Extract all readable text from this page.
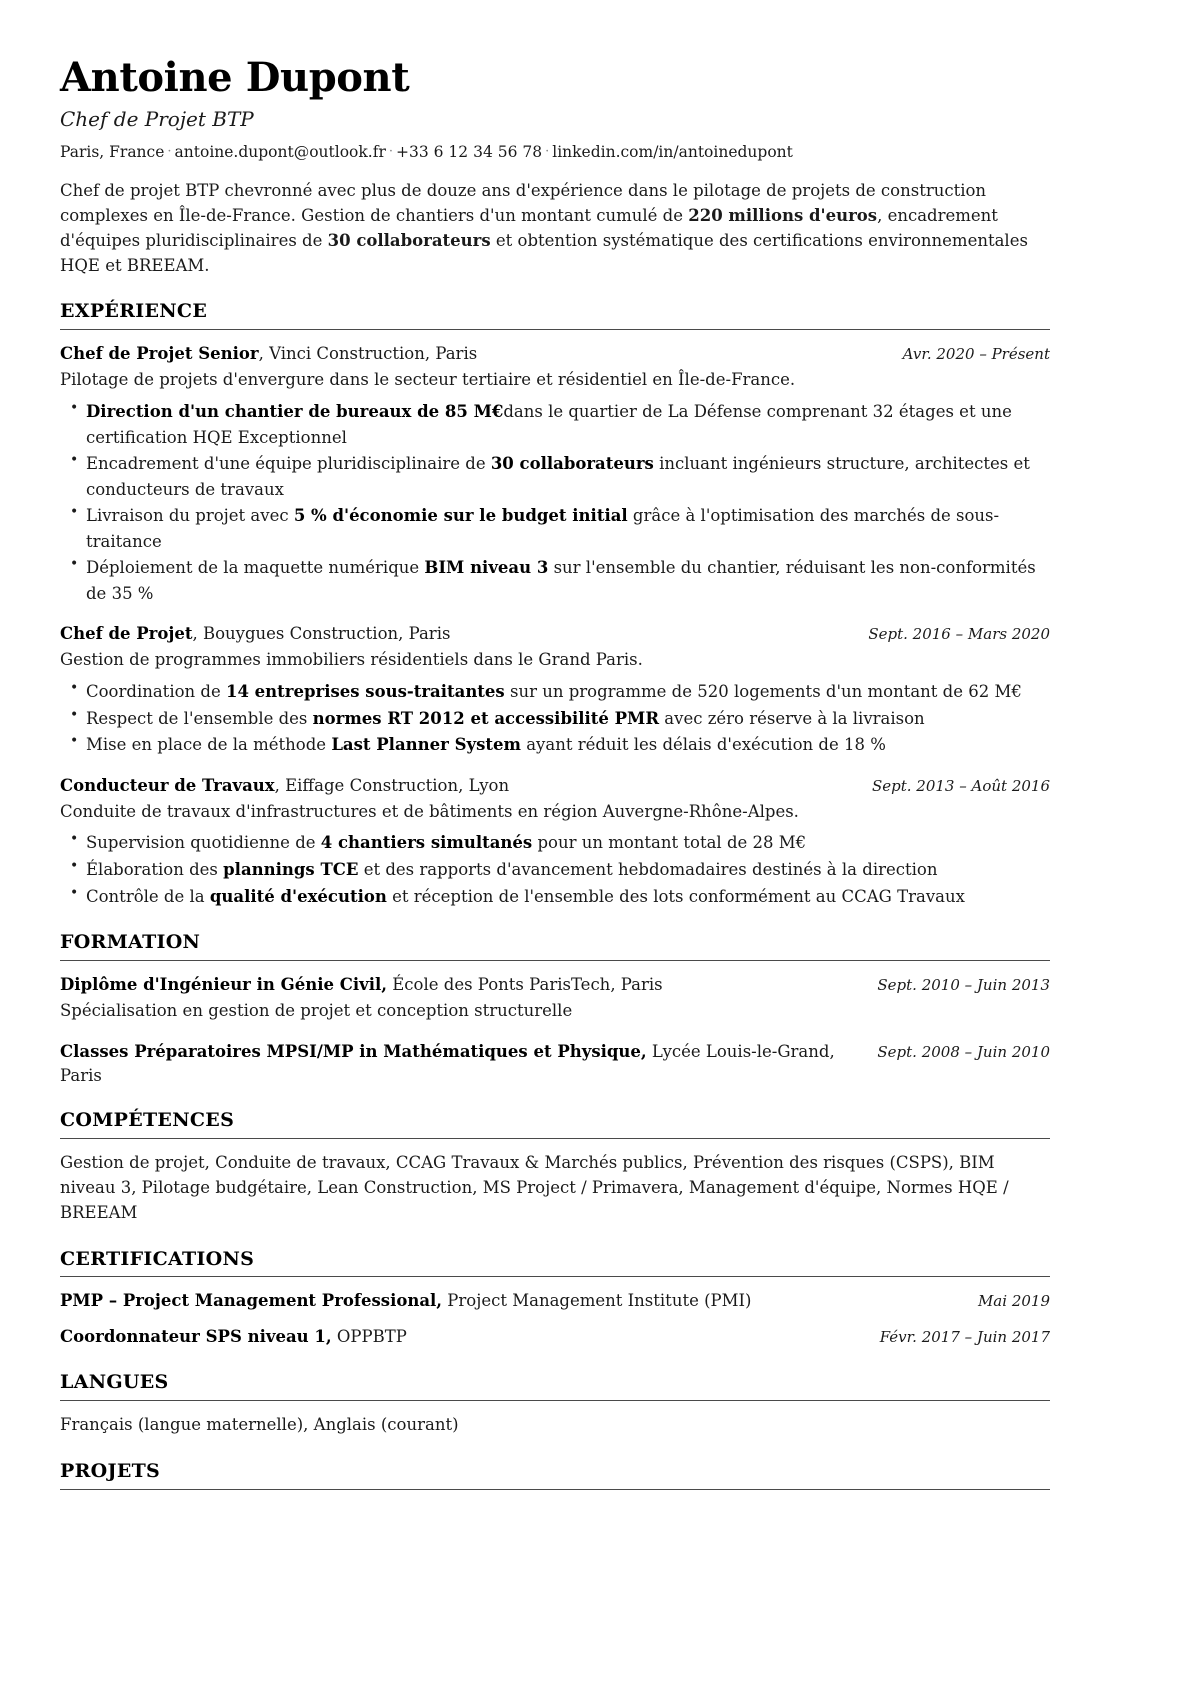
Antoine Dupont
Chef de Projet BTP
Paris, France · antoine.dupont@outlook.fr · +33 6 12 34 56 78 · linkedin.com/in/antoinedupont

Chef de projet BTP chevronné avec plus de douze ans d'expérience dans le pilotage de projets de construction complexes en Île-de-France. Gestion de chantiers d'un montant cumulé de 220 millions d'euros, encadrement d'équipes pluridisciplinaires de 30 collaborateurs et obtention systématique des certifications environnementales HQE et BREEAM.

EXPÉRIENCE
Chef de Projet Senior, Vinci Construction, Paris	Avr. 2020 – Présent
Pilotage de projets d'envergure dans le secteur tertiaire et résidentiel en Île-de-France.
• Direction d'un chantier de bureaux de 85 M€dans le quartier de La Défense comprenant 32 étages et une certification HQE Exceptionnel
• Encadrement d'une équipe pluridisciplinaire de 30 collaborateurs incluant ingénieurs structure, architectes et conducteurs de travaux
• Livraison du projet avec 5 % d'économie sur le budget initial grâce à l'optimisation des marchés de sous-traitance
• Déploiement de la maquette numérique BIM niveau 3 sur l'ensemble du chantier, réduisant les non-conformités de 35 %
Chef de Projet, Bouygues Construction, Paris	Sept. 2016 – Mars 2020
Gestion de programmes immobiliers résidentiels dans le Grand Paris.
• Coordination de 14 entreprises sous-traitantes sur un programme de 520 logements d'un montant de 62 M€
• Respect de l'ensemble des normes RT 2012 et accessibilité PMR avec zéro réserve à la livraison
• Mise en place de la méthode Last Planner System ayant réduit les délais d'exécution de 18 %
Conducteur de Travaux, Eiffage Construction, Lyon	Sept. 2013 – Août 2016
Conduite de travaux d'infrastructures et de bâtiments en région Auvergne-Rhône-Alpes.
• Supervision quotidienne de 4 chantiers simultanés pour un montant total de 28 M€
• Élaboration des plannings TCE et des rapports d'avancement hebdomadaires destinés à la direction
• Contrôle de la qualité d'exécution et réception de l'ensemble des lots conformément au CCAG Travaux
FORMATION
Diplôme d'Ingénieur in Génie Civil, École des Ponts ParisTech, Paris	Sept. 2010 – Juin 2013
Spécialisation en gestion de projet et conception structurelle
Classes Préparatoires MPSI/MP in Mathématiques et Physique, Lycée Louis-le-Grand, Paris
Sept. 2008 – Juin 2010
COMPÉTENCES

Gestion de projet, Conduite de travaux, CCAG Travaux & Marchés publics, Prévention des risques (CSPS), BIM niveau 3, Pilotage budgétaire, Lean Construction, MS Project / Primavera, Management d'équipe, Normes HQE / BREEAM

CERTIFICATIONS
PMP – Project Management Professional, Project Management Institute (PMI)	Mai 2019
Coordonnateur SPS niveau 1, OPPBTP	Févr. 2017 – Juin 2017
LANGUES

Français (langue maternelle), Anglais (courant)

PROJETS
